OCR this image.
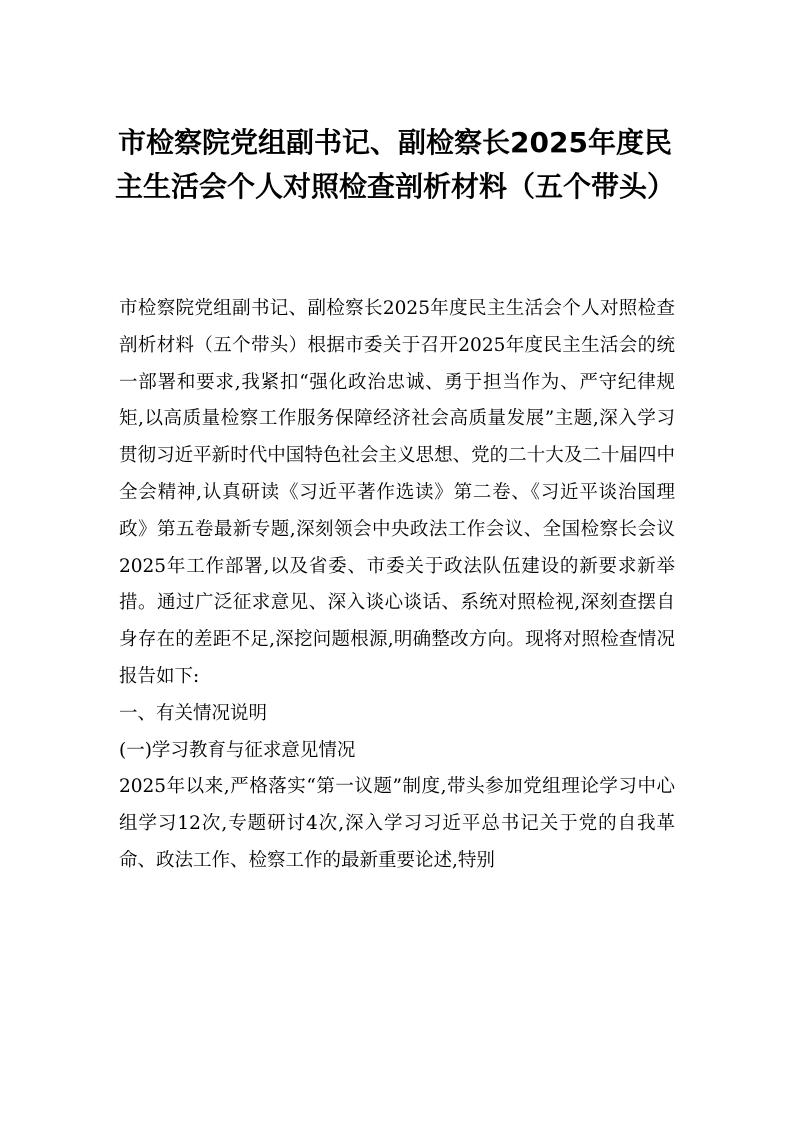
市检察院党组副书记、副检察长2025年度民主生活会个人对照检查剖析材料（五个带头）

市检察院党组副书记、副检察长2025年度民主生活会个人对照检查剖析材料（五个带头）根据市委关于召开2025年度民主生活会的统一部署和要求,我紧扣“强化政治忠诚、勇于担当作为、严守纪律规矩,以高质量检察工作服务保障经济社会高质量发展”主题,深入学习贯彻习近平新时代中国特色社会主义思想、党的二十大及二十届四中全会精神,认真研读《习近平著作选读》第二卷、《习近平谈治国理政》第五卷最新专题,深刻领会中央政法工作会议、全国检察长会议2025年工作部署,以及省委、市委关于政法队伍建设的新要求新举措。通过广泛征求意见、深入谈心谈话、系统对照检视,深刻查摆自身存在的差距不足,深挖问题根源,明确整改方向。现将对照检查情况报告如下:

一、有关情况说明

(一)学习教育与征求意见情况

2025年以来,严格落实“第一议题”制度,带头参加党组理论学习中心组学习12次,专题研讨4次,深入学习习近平总书记关于党的自我革命、政法工作、检察工作的最新重要论述,特别
